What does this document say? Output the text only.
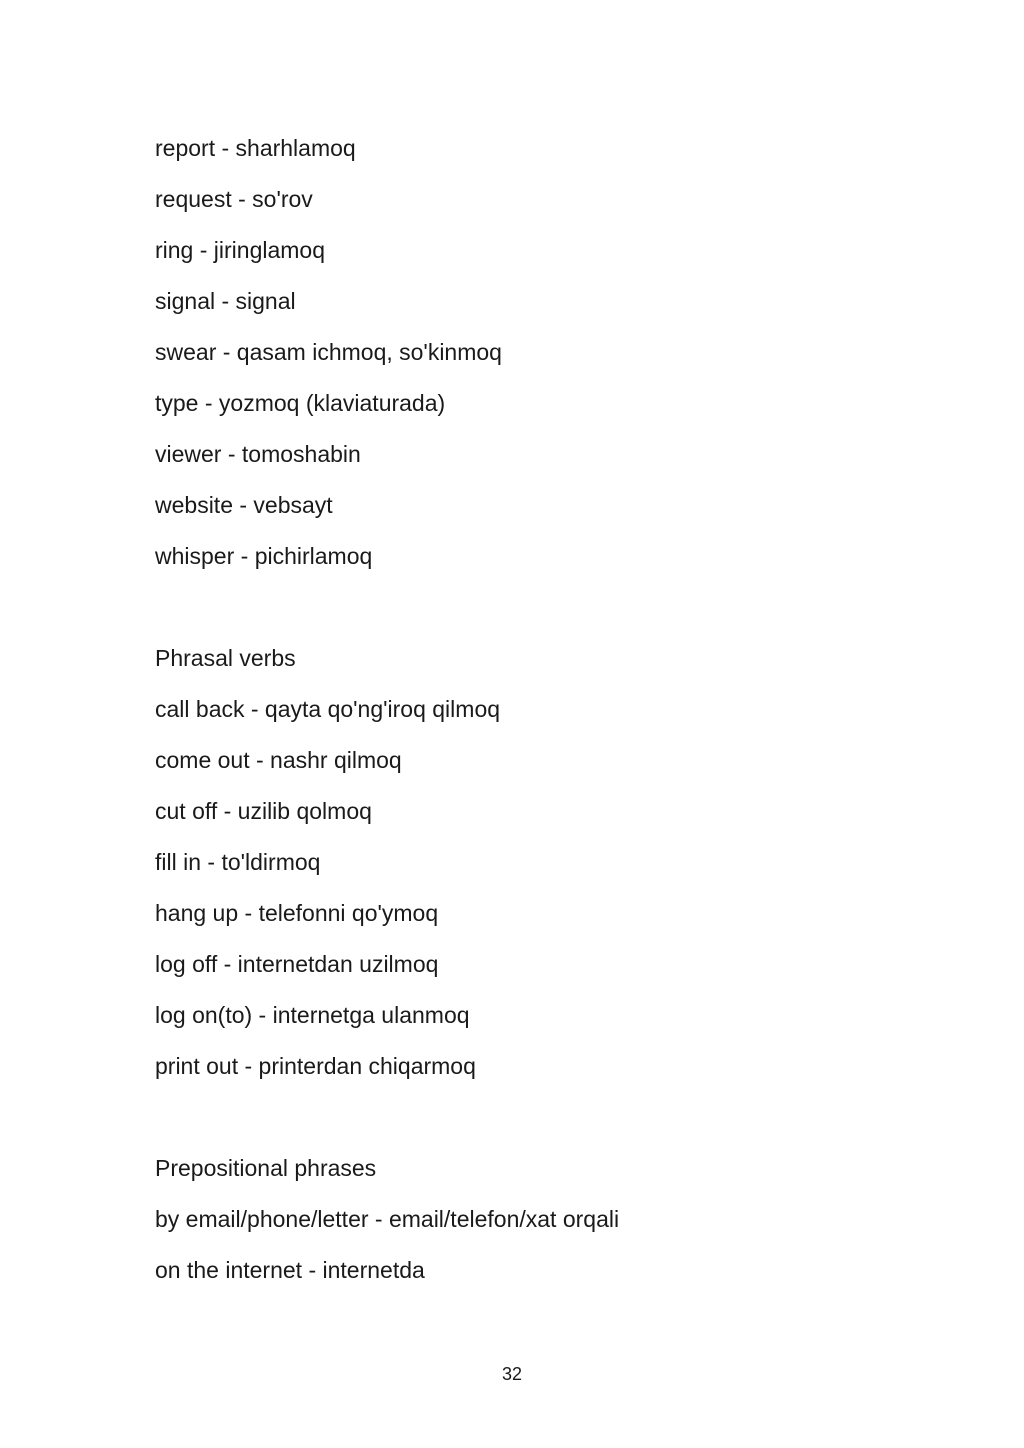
report - sharhlamoq
request - so'rov
ring - jiringlamoq
signal - signal
swear - qasam ichmoq, so'kinmoq
type - yozmoq (klaviaturada)
viewer - tomoshabin
website - vebsayt
whisper - pichirlamoq
Phrasal verbs
call back - qayta qo'ng'iroq qilmoq
come out - nashr qilmoq
cut off - uzilib qolmoq
fill in - to'ldirmoq
hang up - telefonni qo'ymoq
log off - internetdan uzilmoq
log on(to) - internetga ulanmoq
print out - printerdan chiqarmoq
Prepositional phrases
by email/phone/letter - email/telefon/xat orqali
on the internet - internetda
32
